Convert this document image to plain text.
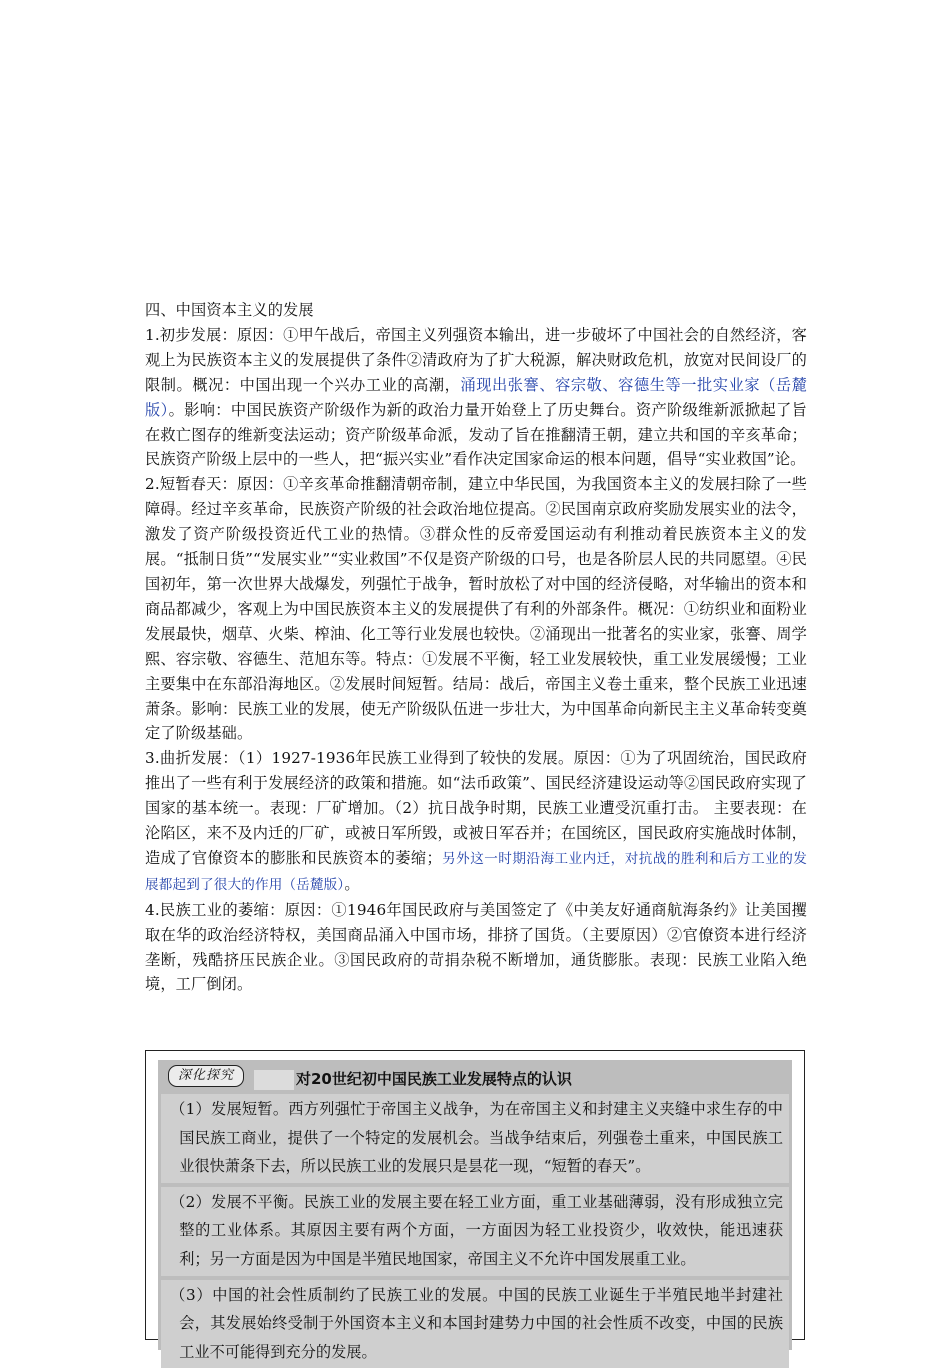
四、中国资本主义的发展

1.初步发展：原因：①甲午战后，帝国主义列强资本输出，进一步破坏了中国社会的自然经济，客观上为民族资本主义的发展提供了条件②清政府为了扩大税源，解决财政危机，放宽对民间设厂的限制。概况：中国出现一个兴办工业的高潮，涌现出张謇、容宗敬、容德生等一批实业家（岳麓版）。影响：中国民族资产阶级作为新的政治力量开始登上了历史舞台。资产阶级维新派掀起了旨在救亡图存的维新变法运动；资产阶级革命派，发动了旨在推翻清王朝，建立共和国的辛亥革命；民族资产阶级上层中的一些人，把“振兴实业”看作决定国家命运的根本问题，倡导“实业救国”论。

2.短暂春天：原因：①辛亥革命推翻清朝帝制，建立中华民国，为我国资本主义的发展扫除了一些障碍。经过辛亥革命，民族资产阶级的社会政治地位提高。②民国南京政府奖励发展实业的法令，激发了资产阶级投资近代工业的热情。③群众性的反帝爱国运动有利推动着民族资本主义的发展。“抵制日货”“发展实业”“实业救国”不仅是资产阶级的口号，也是各阶层人民的共同愿望。④民国初年，第一次世界大战爆发，列强忙于战争，暂时放松了对中国的经济侵略，对华输出的资本和商品都减少，客观上为中国民族资本主义的发展提供了有利的外部条件。概况：①纺织业和面粉业发展最快，烟草、火柴、榨油、化工等行业发展也较快。②涌现出一批著名的实业家，张謇、周学熙、容宗敬、容德生、范旭东等。特点：①发展不平衡，轻工业发展较快，重工业发展缓慢；工业主要集中在东部沿海地区。②发展时间短暂。结局：战后，帝国主义卷土重来，整个民族工业迅速萧条。影响：民族工业的发展，使无产阶级队伍进一步壮大，为中国革命向新民主主义革命转变奠定了阶级基础。

3.曲折发展：（1）1927-1936年民族工业得到了较快的发展。原因：①为了巩固统治，国民政府推出了一些有利于发展经济的政策和措施。如“法币政策”、国民经济建设运动等②国民政府实现了国家的基本统一。表现：厂矿增加。（2）抗日战争时期，民族工业遭受沉重打击。 主要表现：在沦陷区，来不及内迁的厂矿，或被日军所毁，或被日军吞并；在国统区，国民政府实施战时体制，造成了官僚资本的膨胀和民族资本的萎缩；另外这一时期沿海工业内迁，对抗战的胜利和后方工业的发展都起到了很大的作用（岳麓版）。

4.民族工业的萎缩：原因：①1946年国民政府与美国签定了《中美友好通商航海条约》让美国攫取在华的政治经济特权，美国商品涌入中国市场，排挤了国货。（主要原因）②官僚资本进行经济垄断，残酷挤压民族企业。③国民政府的苛捐杂税不断增加，通货膨胀。表现：民族工业陷入绝境，工厂倒闭。

深化探究	对20世纪初中国民族工业发展特点的认识
（1）发展短暂。西方列强忙于帝国主义战争，为在帝国主义和封建主义夹缝中求生存的中国民族工商业，提供了一个特定的发展机会。当战争结束后，列强卷土重来，中国民族工业很快萧条下去，所以民族工业的发展只是昙花一现，“短暂的春天”。
（2）发展不平衡。民族工业的发展主要在轻工业方面，重工业基础薄弱，没有形成独立完整的工业体系。其原因主要有两个方面，一方面因为轻工业投资少，收效快，能迅速获利；另一方面是因为中国是半殖民地国家，帝国主义不允许中国发展重工业。
（3）中国的社会性质制约了民族工业的发展。中国的民族工业诞生于半殖民地半封建社会，其发展始终受制于外国资本主义和本国封建势力中国的社会性质不改变，中国的民族工业不可能得到充分的发展。
